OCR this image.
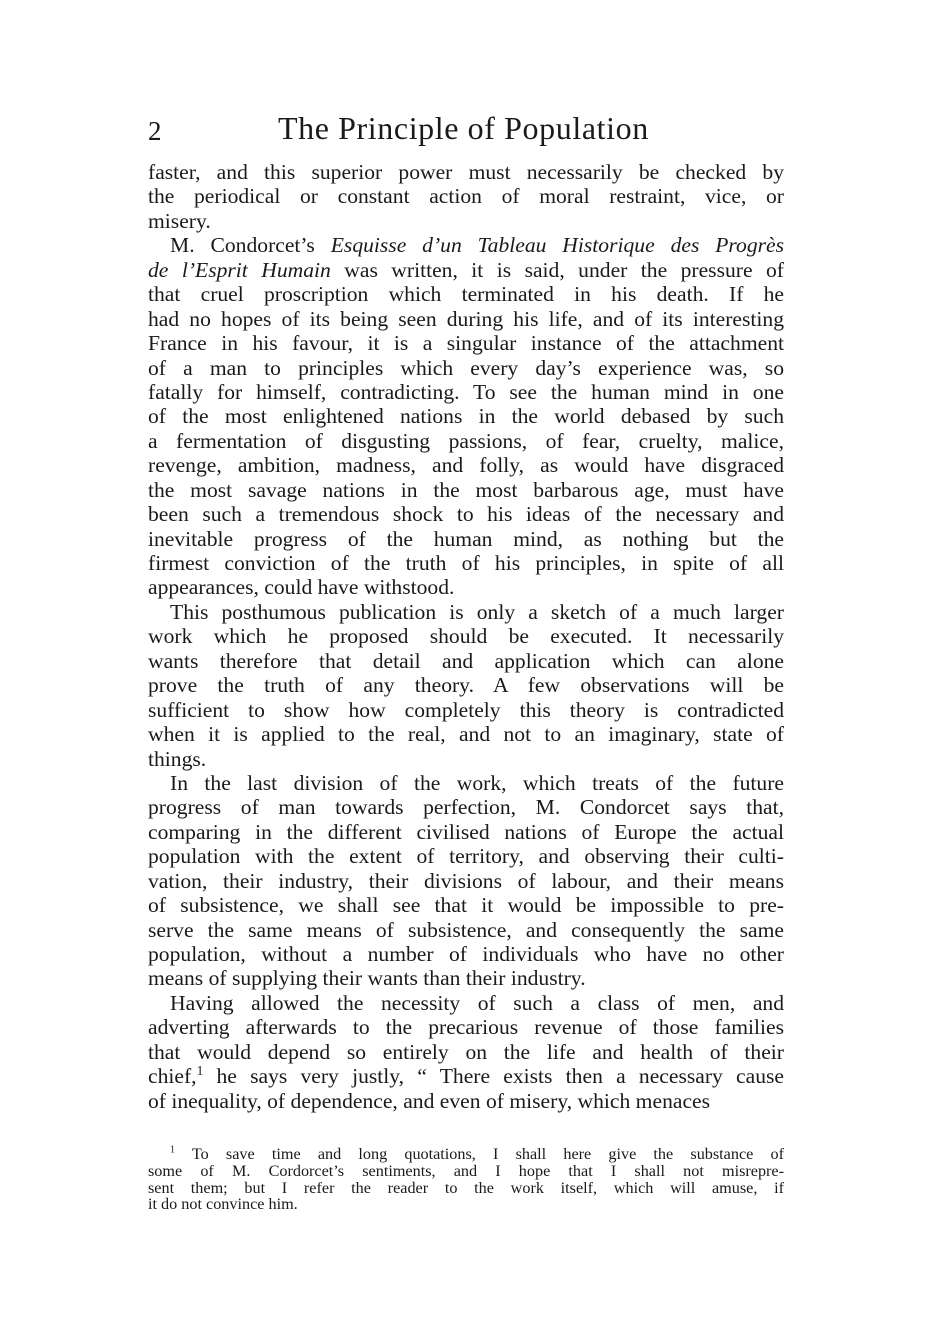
2	The Principle of Population
faster, and this superior power must necessarily be checked by
the periodical or constant action of moral restraint, vice, or
misery.
M. Condorcet’s Esquisse d’un Tableau Historique des Progrès
de l’Esprit Humain was written, it is said, under the pressure of
that cruel proscription which terminated in his death. If he
had no hopes of its being seen during his life, and of its interesting
France in his favour, it is a singular instance of the attachment
of a man to principles which every day’s experience was, so
fatally for himself, contradicting. To see the human mind in one
of the most enlightened nations in the world debased by such
a fermentation of disgusting passions, of fear, cruelty, malice,
revenge, ambition, madness, and folly, as would have disgraced
the most savage nations in the most barbarous age, must have
been such a tremendous shock to his ideas of the necessary and
inevitable progress of the human mind, as nothing but the
firmest conviction of the truth of his principles, in spite of all
appearances, could have withstood.
This posthumous publication is only a sketch of a much larger
work which he proposed should be executed. It necessarily
wants therefore that detail and application which can alone
prove the truth of any theory. A few observations will be
sufficient to show how completely this theory is contradicted
when it is applied to the real, and not to an imaginary, state of
things.
In the last division of the work, which treats of the future
progress of man towards perfection, M. Condorcet says that,
comparing in the different civilised nations of Europe the actual
population with the extent of territory, and observing their culti-
vation, their industry, their divisions of labour, and their means
of subsistence, we shall see that it would be impossible to pre-
serve the same means of subsistence, and consequently the same
population, without a number of individuals who have no other
means of supplying their wants than their industry.
Having allowed the necessity of such a class of men, and
adverting afterwards to the precarious revenue of those families
that would depend so entirely on the life and health of their
chief,$^1$ he says very justly, “ There exists then a necessary cause
of inequality, of dependence, and even of misery, which menaces
$^1$ To save time and long quotations, I shall here give the substance of
some of M. Cordorcet’s sentiments, and I hope that I shall not misrepre-
sent them; but I refer the reader to the work itself, which will amuse, if
it do not convince him.
